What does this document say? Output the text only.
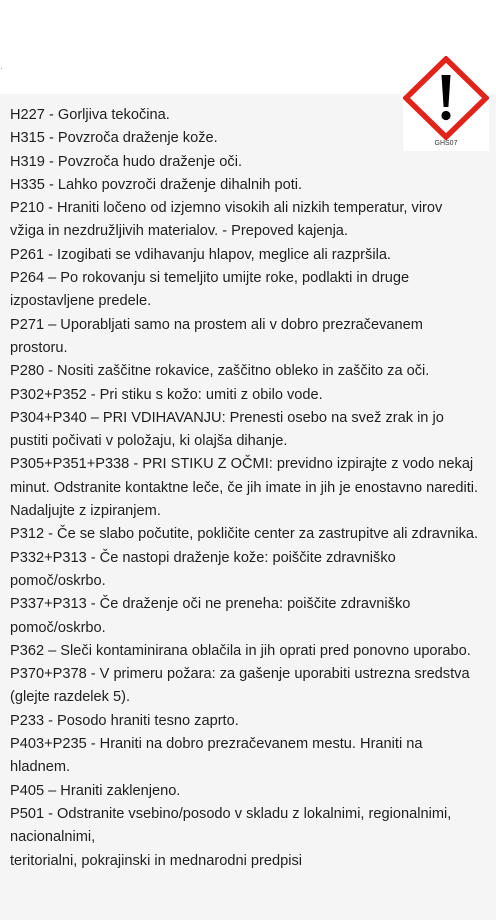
GHS07
H227 - Gorljiva tekočina.
H315 - Povzroča draženje kože.
H319 - Povzroča hudo draženje oči.
H335 - Lahko povzroči draženje dihalnih poti.
P210 - Hraniti ločeno od izjemno visokih ali nizkih temperatur, virov vžiga in nezdružljivih materialov. - Prepoved kajenja.
P261 - Izogibati se vdihavanju hlapov, meglice ali razpršila.
P264 – Po rokovanju si temeljito umijte roke, podlakti in druge izpostavljene predele.
P271 – Uporabljati samo na prostem ali v dobro prezračevanem prostoru.
P280 - Nositi zaščitne rokavice, zaščitno obleko in zaščito za oči.
P302+P352 - Pri stiku s kožo: umiti z obilo vode.
P304+P340 – PRI VDIHAVANJU: Prenesti osebo na svež zrak in jo pustiti počivati v položaju, ki olajša dihanje.
P305+P351+P338 - PRI STIKU Z OČMI: previdno izpirajte z vodo nekaj minut. Odstranite kontaktne leče, če jih imate in jih je enostavno narediti. Nadaljujte z izpiranjem.
P312 - Če se slabo počutite, pokličite center za zastrupitve ali zdravnika.
P332+P313 - Če nastopi draženje kože: poiščite zdravniško pomoč/oskrbo.
P337+P313 - Če draženje oči ne preneha: poiščite zdravniško pomoč/oskrbo.
P362 – Sleči kontaminirana oblačila in jih oprati pred ponovno uporabo.
P370+P378 - V primeru požara: za gašenje uporabiti ustrezna sredstva (glejte razdelek 5).
P233 - Posodo hraniti tesno zaprto.
P403+P235 - Hraniti na dobro prezračevanem mestu. Hraniti na hladnem.
P405 – Hraniti zaklenjeno.
P501 - Odstranite vsebino/posodo v skladu z lokalnimi, regionalnimi, nacionalnimi,
teritorialni, pokrajinski in mednarodni predpisi
